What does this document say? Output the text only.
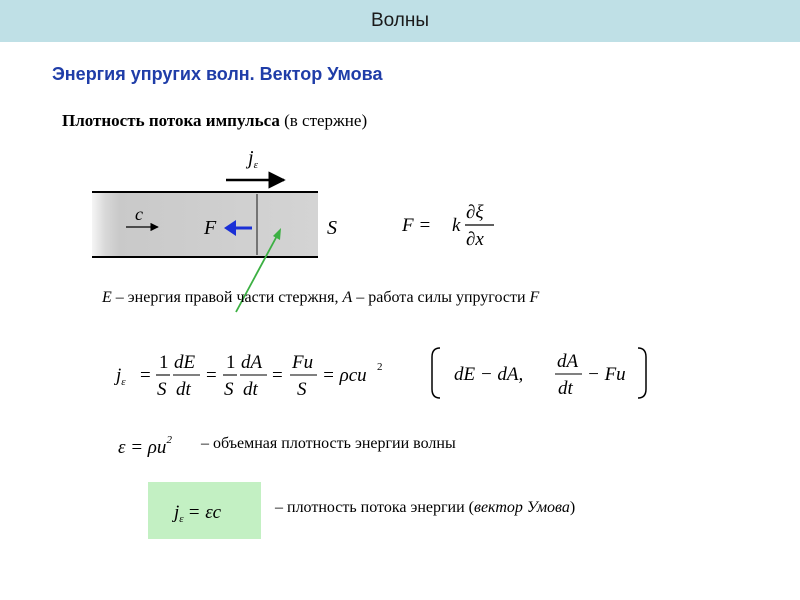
Волны
Энергия упругих волн. Вектор Умова
Плотность потока импульса (в стержне)
$j_\varepsilon$
c
F	S	F = k
∂ξ
∂x
E – энергия правой части стержня, A – работа силы упругости F
$j_\varepsilon$ =
1
S
dE
dt
=
1
S
dA
dt
=
Fu
S
= ρcu 2	dE − dA,
dA
dt
− Fu
$\varepsilon = \rho u^2$ – объемная плотность энергии волны
$j_\varepsilon = \varepsilon c$	– плотность потока энергии (вектор Умова)
